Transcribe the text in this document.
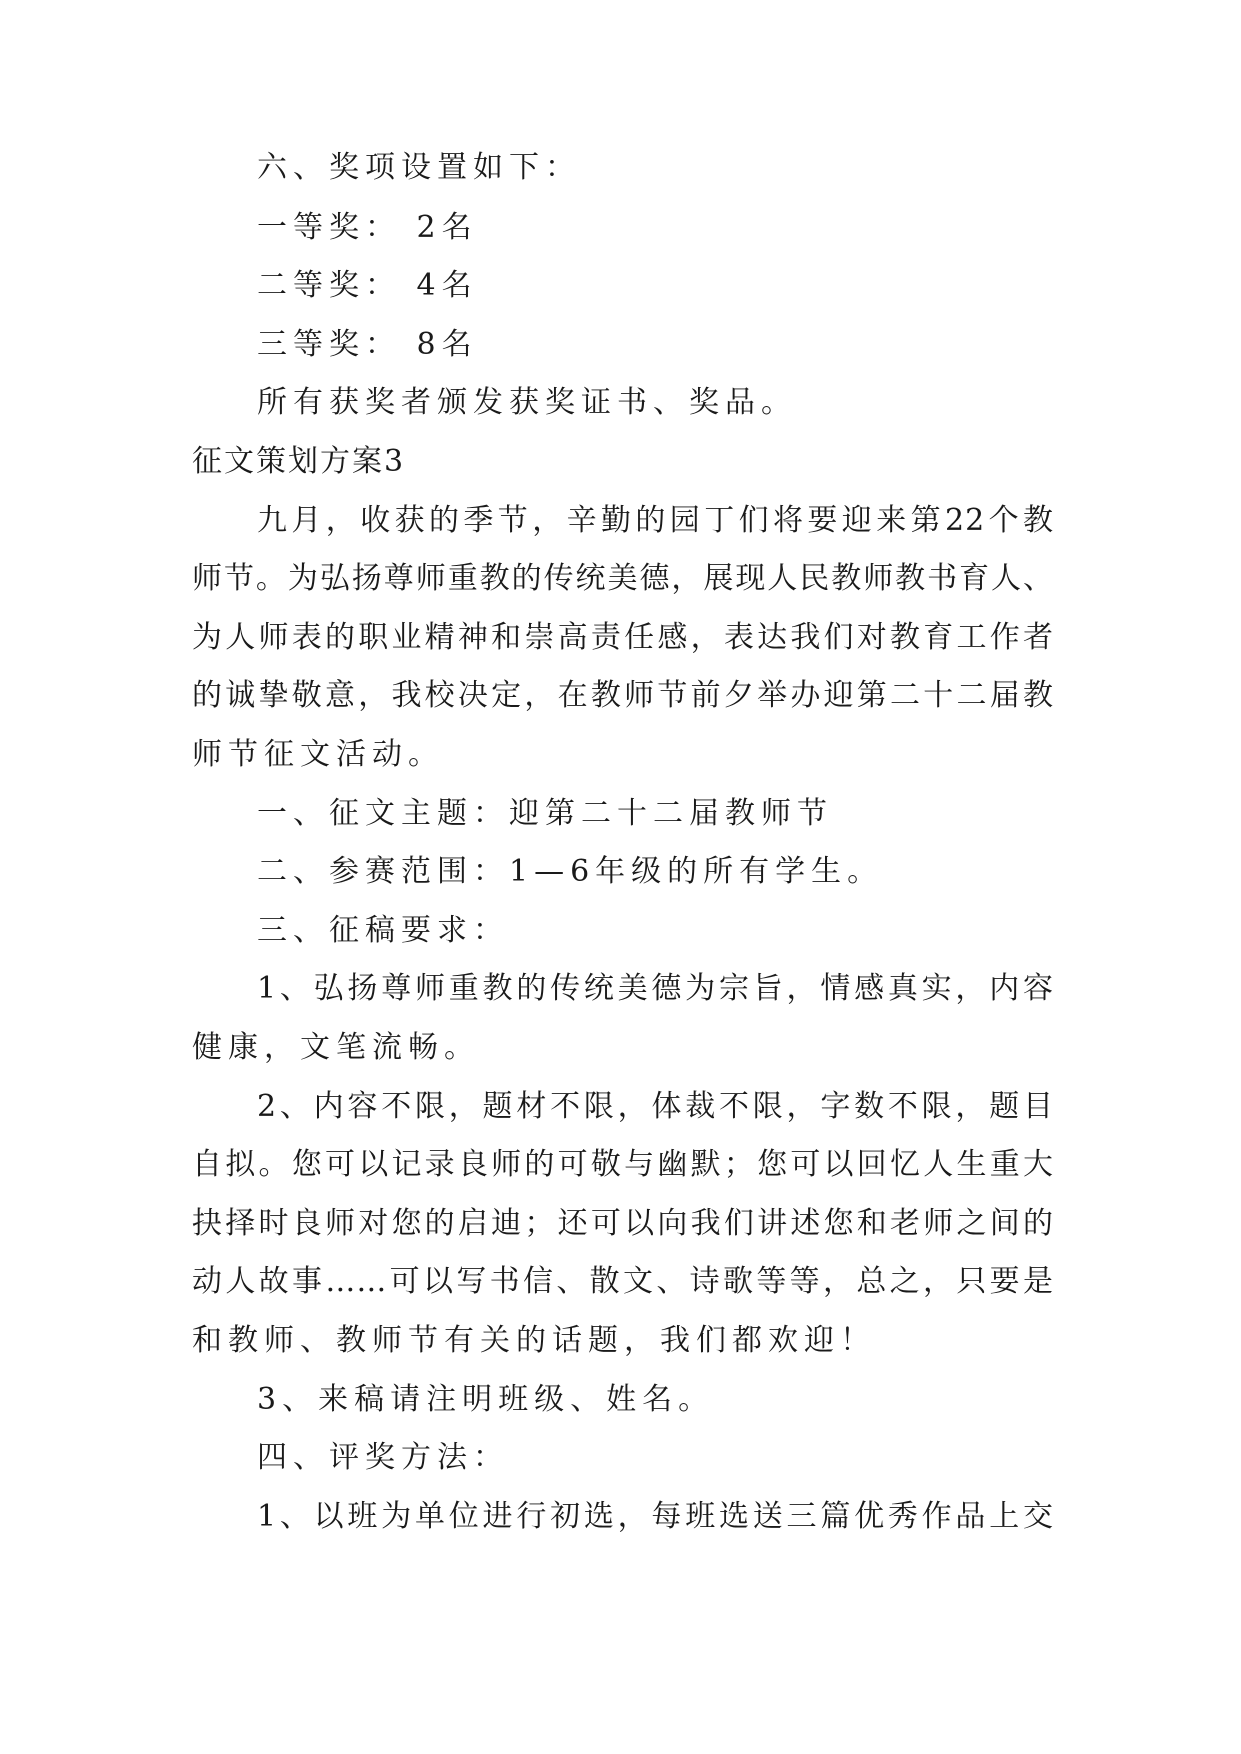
六、奖项设置如下：
一等奖： 2名
二等奖： 4名
三等奖： 8名
所有获奖者颁发获奖证书、奖品。
征文策划方案3
九月，收获的季节，辛勤的园丁们将要迎来第22个教
师节。为弘扬尊师重教的传统美德，展现人民教师教书育人、
为人师表的职业精神和崇高责任感，表达我们对教育工作者
的诚挚敬意，我校决定，在教师节前夕举办迎第二十二届教
师节征文活动。
一、征文主题：迎第二十二届教师节
二、参赛范围：1—6年级的所有学生。
三、征稿要求：
1、弘扬尊师重教的传统美德为宗旨，情感真实，内容
健康，文笔流畅。
2、内容不限，题材不限，体裁不限，字数不限，题目
自拟。您可以记录良师的可敬与幽默；您可以回忆人生重大
抉择时良师对您的启迪；还可以向我们讲述您和老师之间的
动人故事……可以写书信、散文、诗歌等等，总之，只要是
和教师、教师节有关的话题，我们都欢迎！
3、来稿请注明班级、姓名。
四、评奖方法：
1、以班为单位进行初选，每班选送三篇优秀作品上交
